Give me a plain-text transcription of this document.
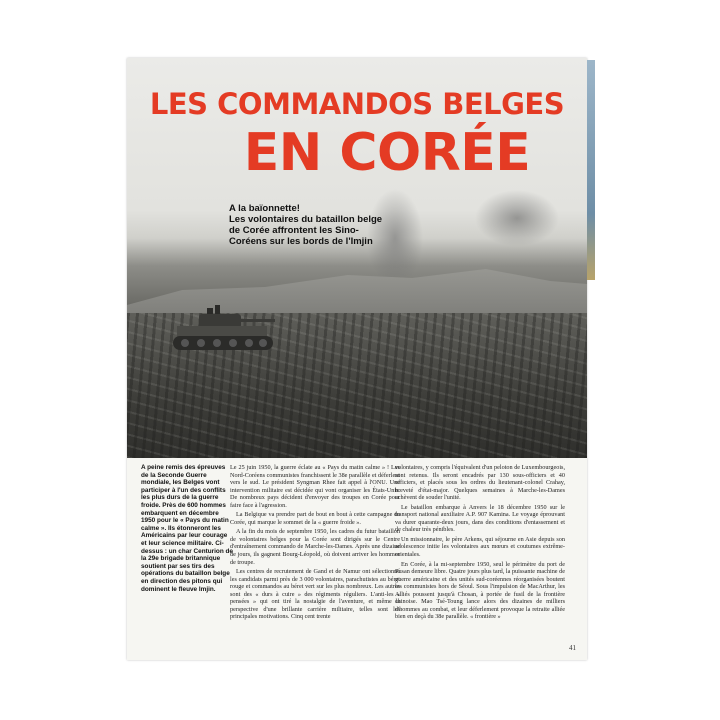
LES COMMANDOS BELGES
EN CORÉE
A la baïonnette!
Les volontaires du bataillon belge
de Corée affrontent les Sino-
Coréens sur les bords de l'Imjin
A peine remis des épreuves de la Seconde Guerre mondiale, les Belges vont participer à l'un des conflits les plus durs de la guerre froide. Près de 600 hommes embarquent en décembre 1950 pour le « Pays du matin calme ». Ils étonneront les Américains par leur courage et leur science militaire. Ci-dessus : un char Centurion de la 29e brigade britannique soutient par ses tirs des opérations du bataillon belge en direction des pitons qui dominent le fleuve Imjin.

Le 25 juin 1950, la guerre éclate au « Pays du matin calme » ! Les Nord-Coréens communistes franchissent le 38e parallèle et déferlent vers le sud. Le président Syngman Rhee fait appel à l'ONU. Une intervention militaire est décidée qui vont organiser les États-Unis. De nombreux pays décident d'envoyer des troupes en Corée pour faire face à l'agression.

La Belgique va prendre part de bout en bout à cette campagne de Corée, qui marque le sommet de la « guerre froide ».

A la fin du mois de septembre 1950, les cadres du futur bataillon de volontaires belges pour la Corée sont dirigés sur le Centre d'entraînement commando de Marche-les-Dames. Après une dizaine de jours, ils gagnent Bourg-Léopold, où doivent arriver les hommes de troupe.

Les centres de recrutement de Gand et de Namur ont sélectionné les candidats parmi près de 3 000 volontaires, parachutistes au béret rouge et commandos au béret vert sur les plus nombreux. Les autres sont des « durs à cuire » des régiments réguliers. L'anti-les « pensées » qui ont tiré la nostalgie de l'aventure, et même la perspective d'une brillante carrière militaire, telles sont les principales motivations. Cinq cent trente

volontaires, y compris l'équivalent d'un peloton de Luxembourgeois, sont retenus. Ils seront encadrés par 130 sous-officiers et 40 officiers, et placés sous les ordres du lieutenant-colonel Crahay, breveté d'état-major. Quelques semaines à Marche-les-Dames achèvent de souder l'unité.

Le bataillon embarque à Anvers le 18 décembre 1950 sur le transport national auxiliaire A.P. 907 Kamina. Le voyage éprouvant va durer quarante-deux jours, dans des conditions d'entassement et de chaleur très pénibles.

Un missionnaire, le père Arkens, qui séjourne en Asie depuis son adolescence initie les volontaires aux mœurs et coutumes extrême-orientales.

En Corée, à la mi-septembre 1950, seul le périmètre du port de Pusan demeure libre. Quatre jours plus tard, la puissante machine de guerre américaine et des unités sud-coréennes réorganisées boutent les communistes hors de Séoul. Sous l'impulsion de MacArthur, les Alliés poussent jusqu'à Chosan, à portée de fusil de la frontière chinoise. Mao Tsé-Toung lance alors des dizaines de milliers d'hommes au combat, et leur déferlement provoque la retraite alliée bien en deçà du 38e parallèle. « frontière »

41
